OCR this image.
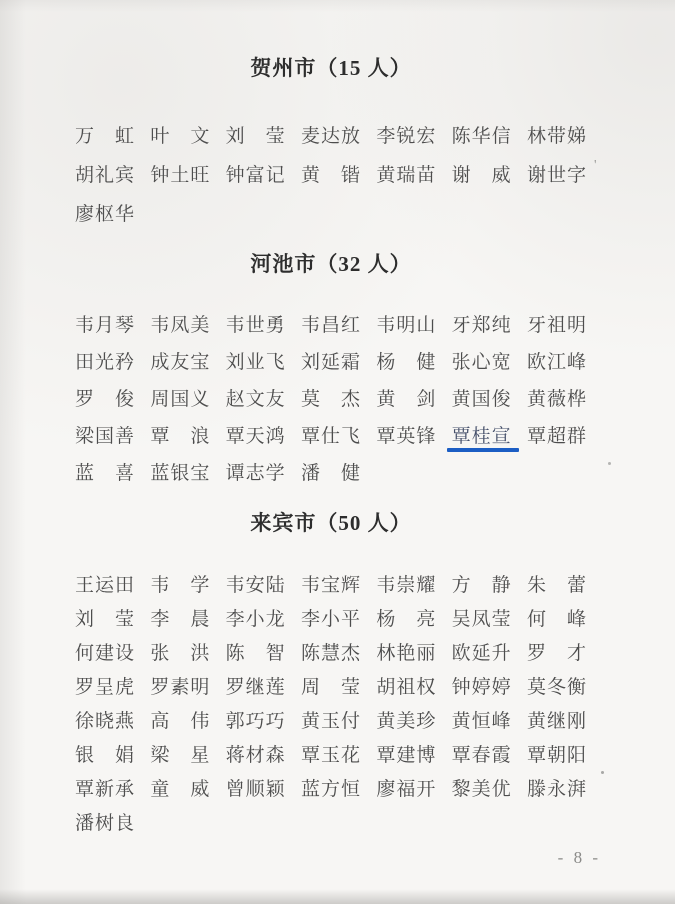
贺州市（15 人）
万　虹 叶　文 刘　莹 麦达放 李锐宏 陈华信 林带娣
胡礼宾 钟土旺 钟富记 黄　锴 黄瑞苗 谢　威 谢世字
廖枢华
河池市（32 人）
韦月琴 韦凤美 韦世勇 韦昌红 韦明山 牙郑纯 牙祖明
田光矜 成友宝 刘业飞 刘延霜 杨　健 张心宽 欧江峰
罗　俊 周国义 赵文友 莫　杰 黄　剑 黄国俊 黄薇桦
梁国善 覃　浪 覃天鸿 覃仕飞 覃英锋 覃桂宣 覃超群
蓝　喜 蓝银宝 谭志学 潘　健
来宾市（50 人）
王运田 韦　学 韦安陆 韦宝辉 韦崇耀 方　静 朱　蕾
刘　莹 李　晨 李小龙 李小平 杨　亮 吴凤莹 何　峰
何建设 张　洪 陈　智 陈慧杰 林艳丽 欧延升 罗　才
罗呈虎 罗素明 罗继莲 周　莹 胡祖权 钟婷婷 莫冬衡
徐晓燕 高　伟 郭巧巧 黄玉付 黄美珍 黄恒峰 黄继刚
银　娟 梁　星 蒋材森 覃玉花 覃建博 覃春霞 覃朝阳
覃新承 童　威 曾顺颖 蓝方恒 廖福开 黎美优 滕永湃
潘树良
- 8 -
'
